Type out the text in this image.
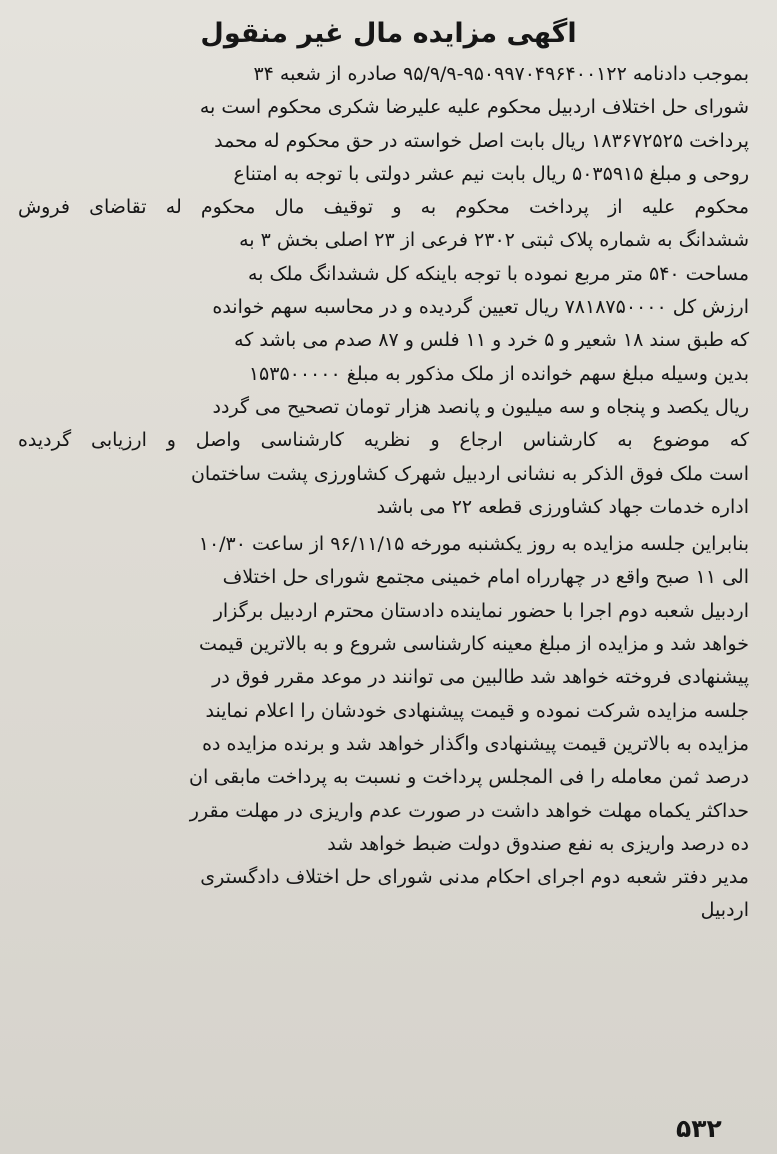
اگهی مزایده مال غیر منقول
بموجب دادنامه ۹۵۰۹۹۷۰۴۹۶۴۰۰۱۲۲-۹۵/۹/۹ صادره از شعبه ۳۴
شورای حل اختلاف اردبیل محکوم علیه علیرضا شکری محکوم است به
پرداخت ۱۸۳۶۷۲۵۲۵ ریال بابت اصل خواسته در حق محکوم له محمد
روحی و مبلغ ۵۰۳۵۹۱۵ ریال بابت نیم عشر دولتی با توجه به امتناع
محکوم علیه از پرداخت محکوم به و توقیف مال محکوم له تقاضای فروش
ششدانگ به شماره پلاک ثبتی ۲۳۰۲ فرعی از ۲۳ اصلی بخش ۳ به
مساحت ۵۴۰ متر مربع نموده با توجه باینکه کل ششدانگ ملک به
ارزش کل ۷۸۱۸۷۵۰۰۰۰ ریال تعیین گردیده و در محاسبه سهم خوانده
که طبق سند ۱۸ شعیر و ۵ خرد و ۱۱ فلس و ۸۷ صدم می باشد که
بدین وسیله مبلغ سهم خوانده از ملک مذکور به مبلغ ۱۵۳۵۰۰۰۰۰
ریال یکصد و پنجاه و سه میلیون و پانصد هزار تومان تصحیح می گردد
که موضوع به کارشناس ارجاع و نظریه کارشناسی واصل و ارزیابی گردیده
است ملک فوق الذکر به نشانی اردبیل شهرک کشاورزی پشت ساختمان
اداره خدمات جهاد کشاورزی قطعه ۲۲ می باشد
بنابراین جلسه مزایده به روز یکشنبه مورخه ۹۶/۱۱/۱۵ از ساعت ۱۰/۳۰
الی ۱۱ صبح واقع در چهارراه امام خمینی مجتمع شورای حل اختلاف
اردبیل شعبه دوم اجرا با حضور نماینده دادستان محترم اردبیل برگزار
خواهد شد و مزایده از مبلغ معینه کارشناسی شروع و به بالاترین قیمت
پیشنهادی فروخته خواهد شد طالبین می توانند در موعد مقرر فوق در
جلسه مزایده شرکت نموده و قیمت پیشنهادی خودشان را اعلام نمایند
مزایده به بالاترین قیمت پیشنهادی واگذار خواهد شد و برنده مزایده ده
درصد ثمن معامله را فی المجلس پرداخت و نسبت به پرداخت مابقی ان
حداکثر یکماه مهلت خواهد داشت در صورت عدم واریزی در مهلت مقرر
ده درصد واریزی به نفع صندوق دولت ضبط خواهد شد
مدیر دفتر شعبه دوم اجرای احکام مدنی شورای حل اختلاف دادگستری
اردبیل
۵۳۲
